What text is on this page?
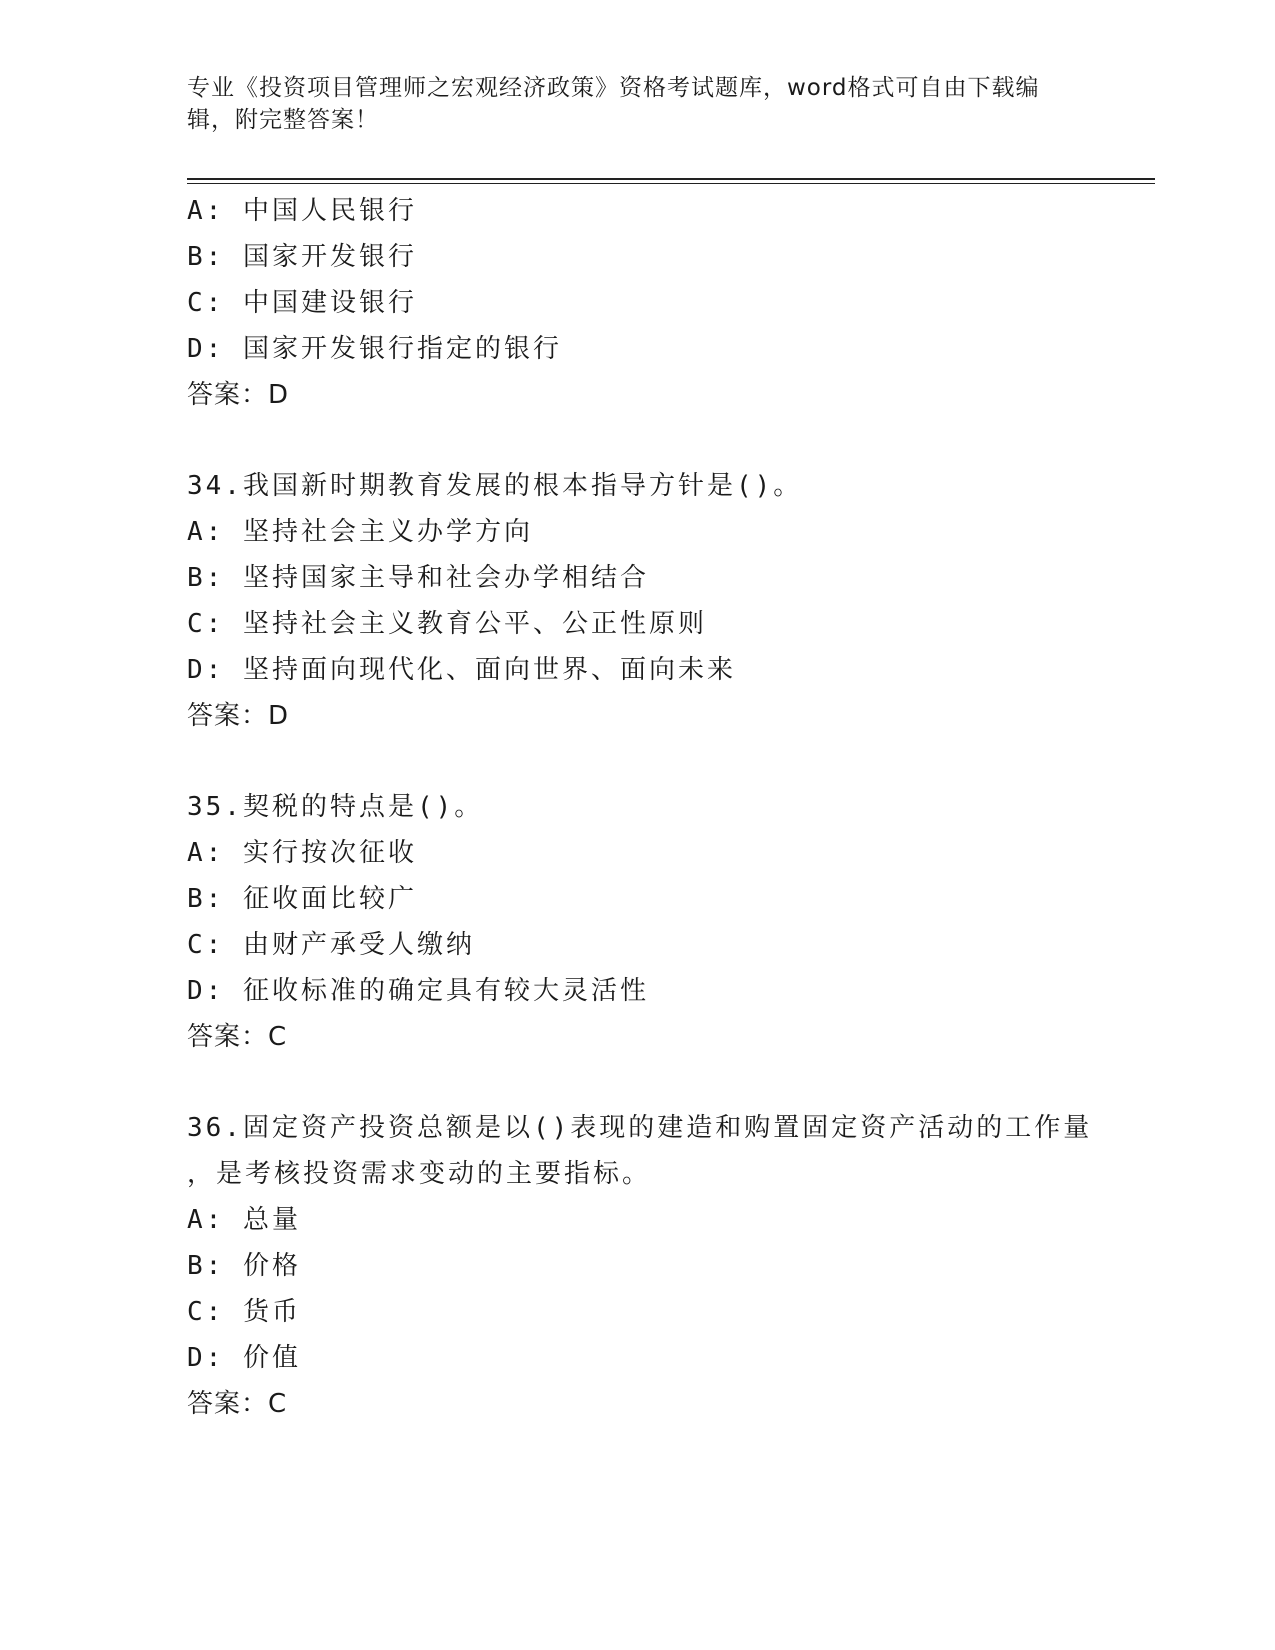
专业《投资项目管理师之宏观经济政策》资格考试题库，word格式可自由下载编辑，附完整答案！
A: 中国人民银行
B: 国家开发银行
C: 中国建设银行
D: 国家开发银行指定的银行
答案：D
34.我国新时期教育发展的根本指导方针是()。
A: 坚持社会主义办学方向
B: 坚持国家主导和社会办学相结合
C: 坚持社会主义教育公平、公正性原则
D: 坚持面向现代化、面向世界、面向未来
答案：D
35.契税的特点是()。
A: 实行按次征收
B: 征收面比较广
C: 由财产承受人缴纳
D: 征收标准的确定具有较大灵活性
答案：C
36.固定资产投资总额是以()表现的建造和购置固定资产活动的工作量
，是考核投资需求变动的主要指标。
A: 总量
B: 价格
C: 货币
D: 价值
答案：C
